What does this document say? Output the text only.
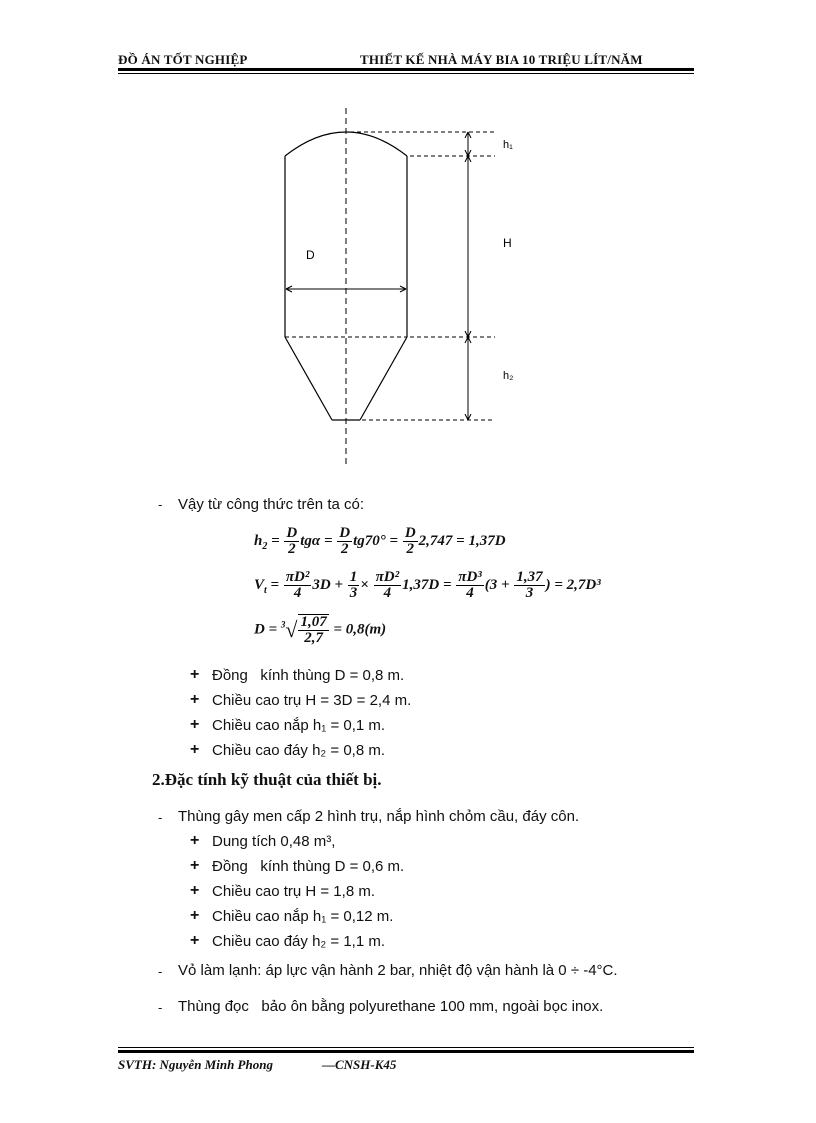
ĐỒ ÁN TỐT NGHIỆP	THIẾT KẾ NHÀ MÁY BIA 10 TRIỆU LÍT/NĂM
h₁
H
D
h₂
- Vậy từ công thức trên ta có:
$h_2 = \frac{D}{2}$ $tg\alpha = \frac{D}{2} tg70^\circ = \frac{D}{2} 2,747 = 1,37D$
$V_t = \frac{\text{πD²}}{4} 3D + \frac{1}{3} \times \frac{\text{πD²}}{4} 1,37D = \frac{\text{πD³}}{4} (3 + \frac{1,37}{3}$ ) = 2,7D³
$D = ^3√ \frac{1,07}{2,7} = 0,8(m)$
+ Đồng   kính thùng D = 0,8 m.
+ Chiều cao trụ H = 3D = 2,4 m.
+ Chiều cao nắp h₁ = 0,1 m.
+ Chiều cao đáy h₂ = 0,8 m.
2.Đặc tính kỹ thuật của thiết bị.
- Thùng gây men cấp 2 hình trụ, nắp hình chỏm cầu, đáy côn.
+ Dung tích 0,48 m³,
+ Đồng   kính thùng D = 0,6 m.
+ Chiều cao trụ H = 1,8 m.
+ Chiều cao nắp h₁ = 0,12 m.
+ Chiều cao đáy h₂ = 1,1 m.
- Vỏ làm lạnh: áp lực vận hành 2 bar, nhiệt độ vận hành là 0 ÷ -4°C.
- Thùng đọc   bảo ôn bằng polyurethane 100 mm, ngoài bọc inox.
SVTH: Nguyễn Minh Phong	—CNSH-K45
